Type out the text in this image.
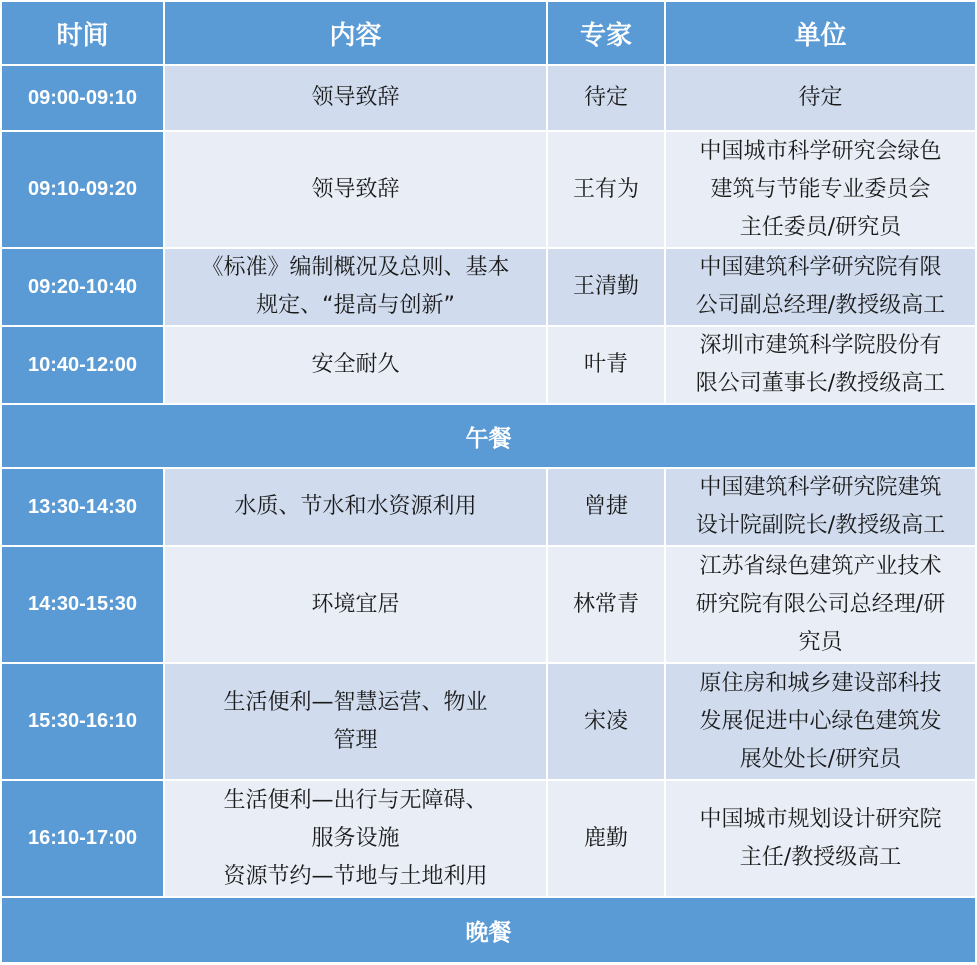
时间	内容	专家	单位
09:00-09:10	领导致辞	待定	待定

09:10-09:20	领导致辞	王有为	中国城市科学研究会绿色
建筑与节能专业委员会
主任委员/研究员

09:20-10:40	《标准》编制概况及总则、基本
规定、“提高与创新”	王清勤	中国建筑科学研究院有限
公司副总经理/教授级高工

10:40-12:00	安全耐久	叶青	深圳市建筑科学院股份有
限公司董事长/教授级高工

午餐			
13:30-14:30	水质、节水和水资源利用	曾捷	中国建筑科学研究院建筑
设计院副院长/教授级高工

14:30-15:30	环境宜居	林常青	江苏省绿色建筑产业技术
研究院有限公司总经理/研
究员

15:30-16:10	生活便利—智慧运营、物业
管理	宋凌	原住房和城乡建设部科技
发展促进中心绿色建筑发
展处处长/研究员

16:10-17:00	生活便利—出行与无障碍、
服务设施
资源节约—节地与土地利用	鹿勤	中国城市规划设计研究院
主任/教授级高工

晚餐			
